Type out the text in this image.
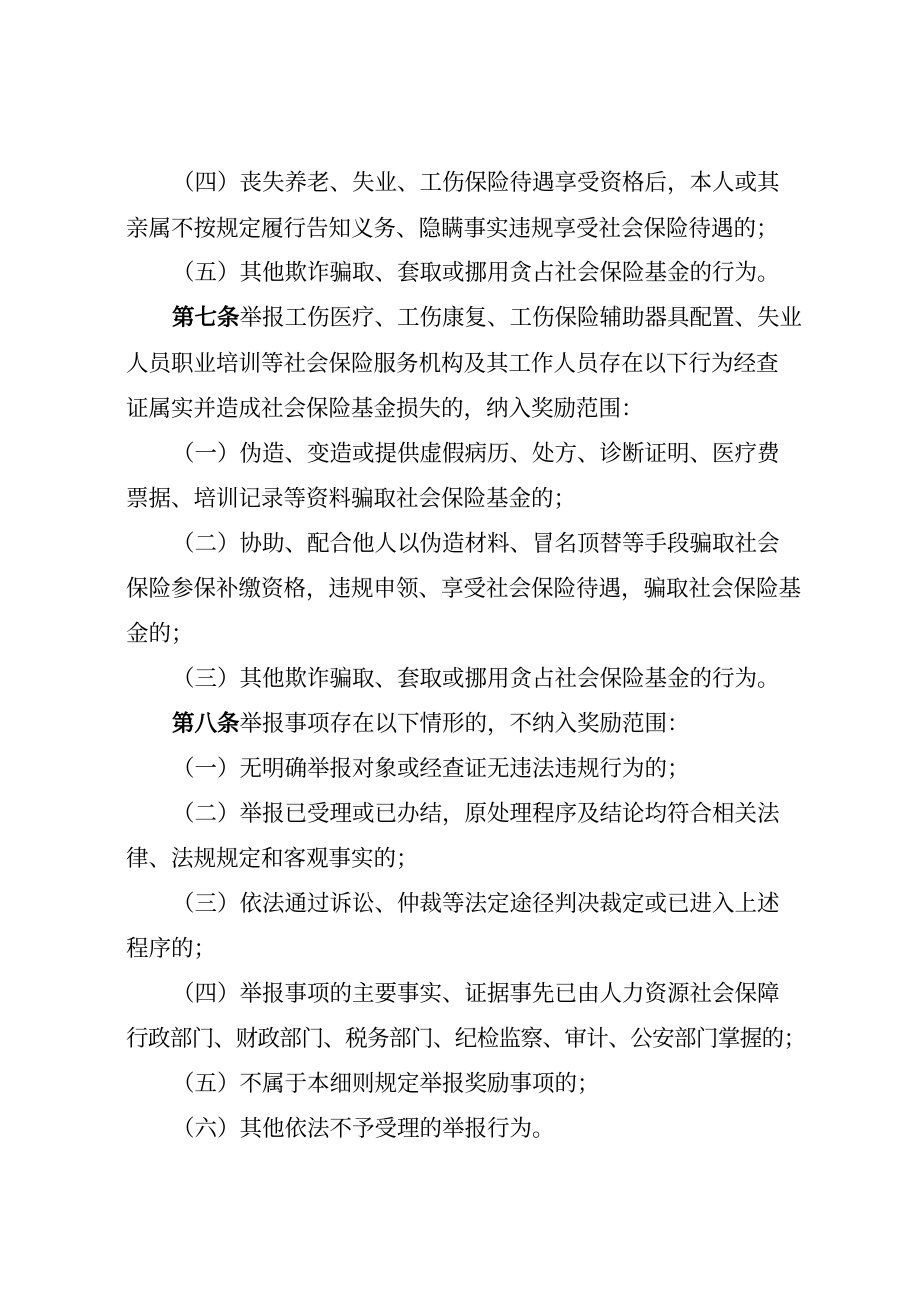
（四）丧失养老、失业、工伤保险待遇享受资格后，本人或其
亲属不按规定履行告知义务、隐瞒事实违规享受社会保险待遇的；
（五）其他欺诈骗取、套取或挪用贪占社会保险基金的行为。
第七条举报工伤医疗、工伤康复、工伤保险辅助器具配置、失业
人员职业培训等社会保险服务机构及其工作人员存在以下行为经查
证属实并造成社会保险基金损失的，纳入奖励范围：
（一）伪造、变造或提供虚假病历、处方、诊断证明、医疗费
票据、培训记录等资料骗取社会保险基金的；
（二）协助、配合他人以伪造材料、冒名顶替等手段骗取社会
保险参保补缴资格，违规申领、享受社会保险待遇，骗取社会保险基
金的；
（三）其他欺诈骗取、套取或挪用贪占社会保险基金的行为。
第八条举报事项存在以下情形的，不纳入奖励范围：
（一）无明确举报对象或经查证无违法违规行为的；
（二）举报已受理或已办结，原处理程序及结论均符合相关法
律、法规规定和客观事实的；
（三）依法通过诉讼、仲裁等法定途径判决裁定或已进入上述
程序的；
（四）举报事项的主要事实、证据事先已由人力资源社会保障
行政部门、财政部门、税务部门、纪检监察、审计、公安部门掌握的；
（五）不属于本细则规定举报奖励事项的；
（六）其他依法不予受理的举报行为。
